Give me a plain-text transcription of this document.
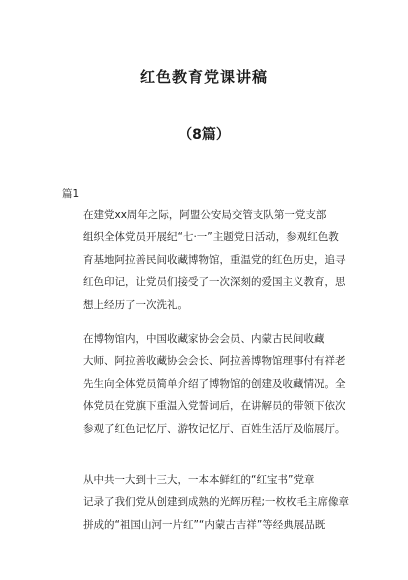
红色教育党课讲稿
（8篇）
篇1

在建党xx周年之际，阿盟公安局交管支队第一党支部
组织全体党员开展纪“七·一”主题党日活动，参观红色教
育基地阿拉善民间收藏博物馆，重温党的红色历史，追寻
红色印记，让党员们接受了一次深刻的爱国主义教育，思
想上经历了一次洗礼。

在博物馆内，中国收藏家协会会员、内蒙古民间收藏
大师、阿拉善收藏协会会长、阿拉善博物馆理事付有祥老
先生向全体党员简单介绍了博物馆的创建及收藏情况。全
体党员在党旗下重温入党誓词后，在讲解员的带领下依次
参观了红色记忆厅、游牧记忆厅、百姓生活厅及临展厅。

从中共一大到十三大，一本本鲜红的“红宝书”党章
记录了我们党从创建到成熟的光辉历程;一枚枚毛主席像章
拼成的“祖国山河一片红”“内蒙古吉祥”等经典展品既
